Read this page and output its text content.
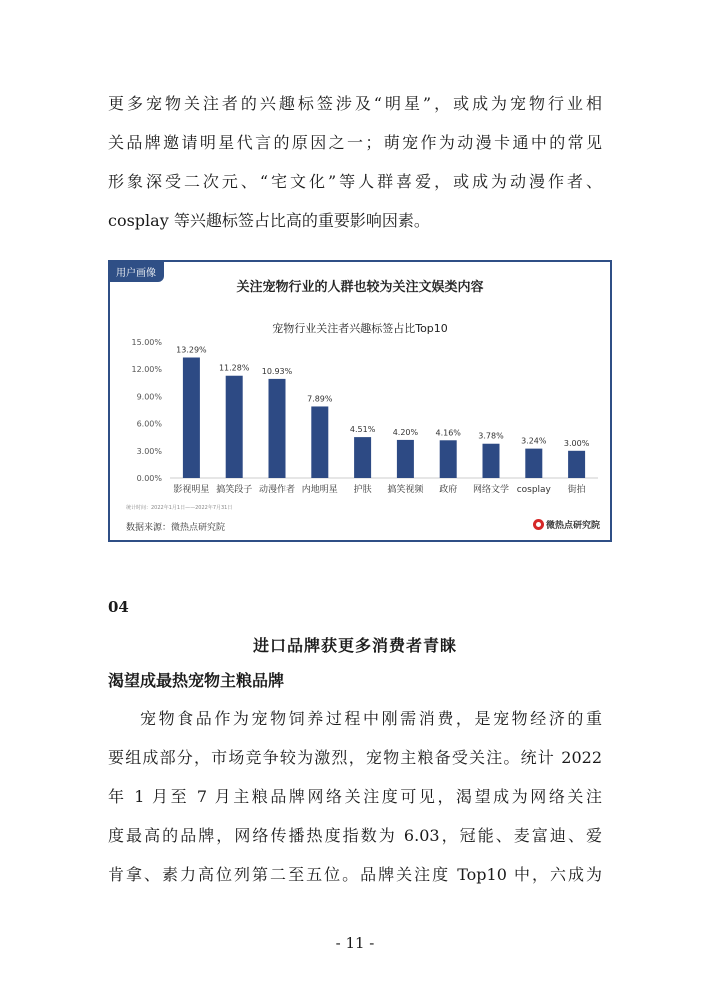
更多宠物关注者的兴趣标签涉及“明星”，或成为宠物行业相
关品牌邀请明星代言的原因之一；萌宠作为动漫卡通中的常见
形象深受二次元、“宅文化”等人群喜爱，或成为动漫作者、
cosplay 等兴趣标签占比高的重要影响因素。
用户画像
关注宠物行业的人群也较为关注文娱类内容
宠物行业关注者兴趣标签占比Top10
0.00%
3.00%
6.00%
9.00%
12.00%
15.00%
13.29%
影视明星
11.28%
搞笑段子
10.93%
动漫作者
7.89%
内地明星
4.51%
护肤
4.20%
搞笑视频
4.16%
政府
3.78%
网络文学
3.24%
cosplay
3.00%
街拍
统计时间：2022年1月1日——2022年7月31日
数据来源：微热点研究院	微热点研究院
04
进口品牌获更多消费者青睐
渴望成最热宠物主粮品牌
宠物食品作为宠物饲养过程中刚需消费，是宠物经济的重
要组成部分，市场竞争较为激烈，宠物主粮备受关注。统计 2022
年 1 月至 7 月主粮品牌网络关注度可见，渴望成为网络关注
度最高的品牌，网络传播热度指数为 6.03，冠能、麦富迪、爱
肯拿、素力高位列第二至五位。品牌关注度 Top10 中，六成为
- 11 -
